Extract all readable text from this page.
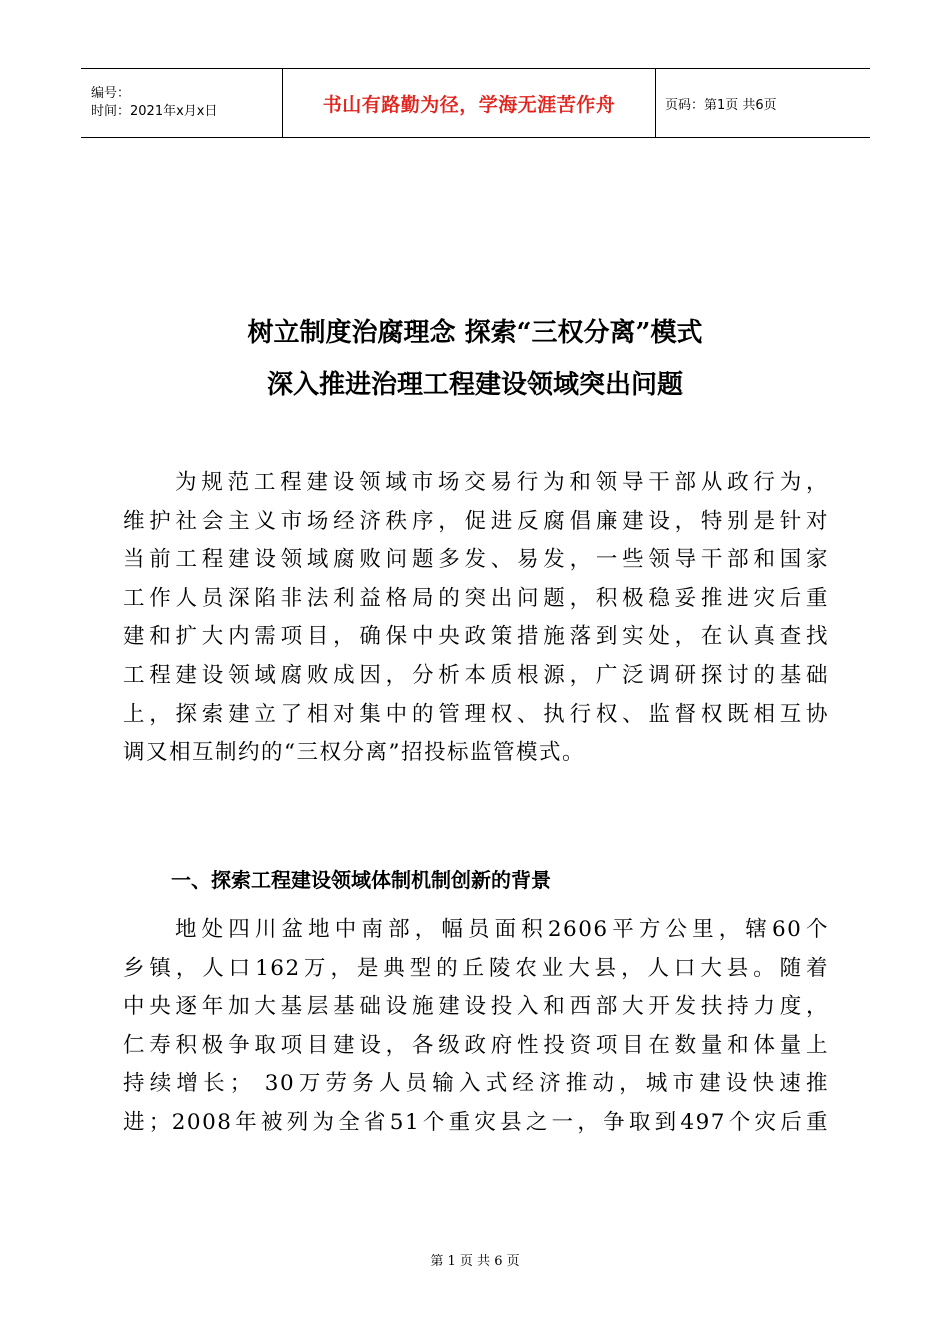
编号：
时间：2021年x月x日	书山有路勤为径，学海无涯苦作舟	页码：第1页 共6页
树立制度治腐理念 探索“三权分离”模式
深入推进治理工程建设领域突出问题
为规范工程建设领域市场交易行为和领导干部从政行为，
维护社会主义市场经济秩序，促进反腐倡廉建设，特别是针对
当前工程建设领域腐败问题多发、易发，一些领导干部和国家
工作人员深陷非法利益格局的突出问题，积极稳妥推进灾后重
建和扩大内需项目，确保中央政策措施落到实处，在认真查找
工程建设领域腐败成因，分析本质根源，广泛调研探讨的基础
上，探索建立了相对集中的管理权、执行权、监督权既相互协
调又相互制约的“三权分离”招投标监管模式。
一、探索工程建设领域体制机制创新的背景
地处四川盆地中南部，幅员面积2606平方公里，辖60个
乡镇，人口162万，是典型的丘陵农业大县，人口大县。随着
中央逐年加大基层基础设施建设投入和西部大开发扶持力度，
仁寿积极争取项目建设，各级政府性投资项目在数量和体量上
持续增长； 30万劳务人员输入式经济推动，城市建设快速推
进；2008年被列为全省51个重灾县之一，争取到497个灾后重
第 1 页 共 6 页
